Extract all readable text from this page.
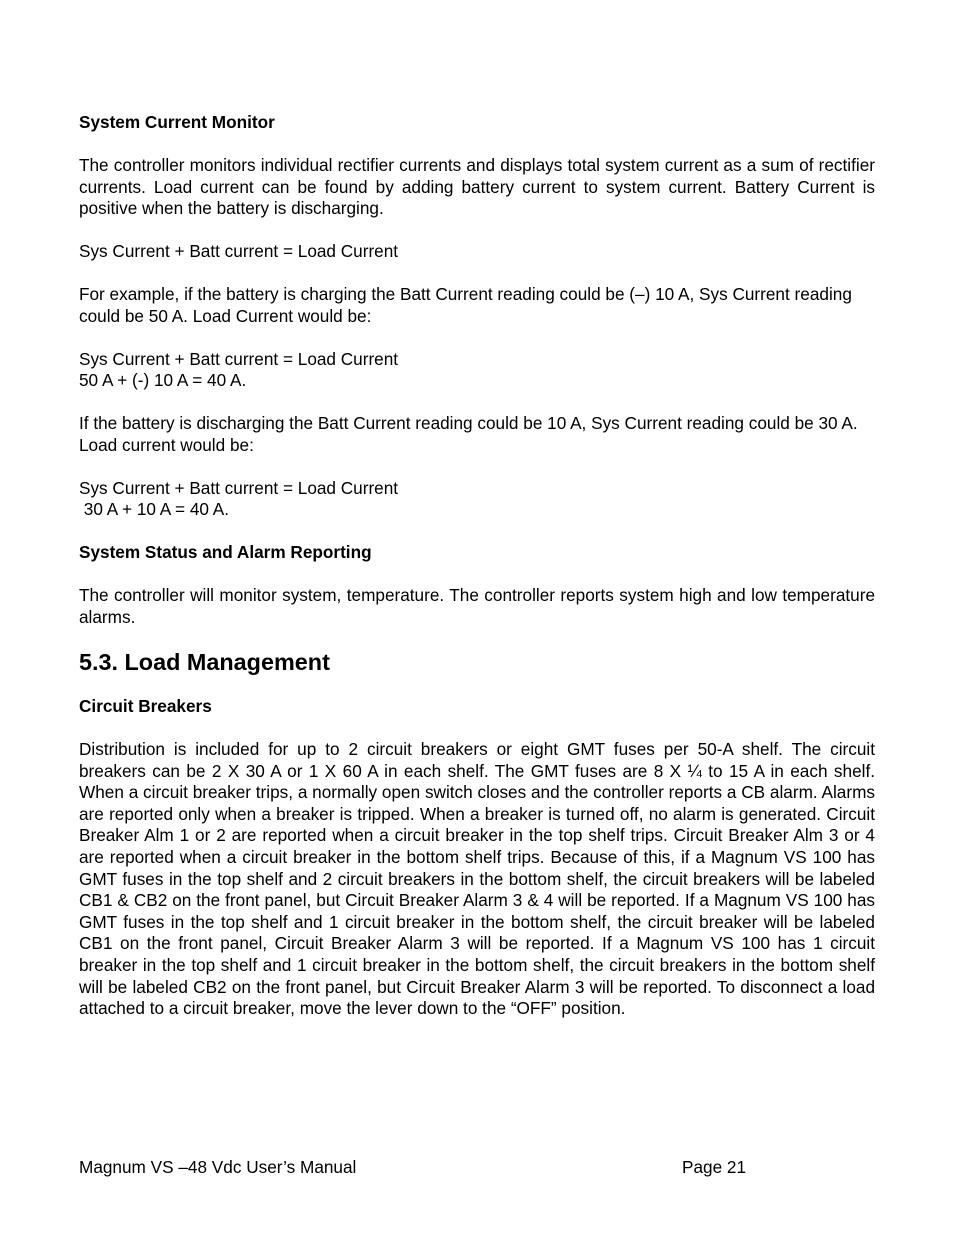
System Current Monitor

The controller monitors individual rectifier currents and displays total system current as a sum of rectifier currents. Load current can be found by adding battery current to system current. Battery Current is positive when the battery is discharging.

Sys Current + Batt current = Load Current

For example, if the battery is charging the Batt Current reading could be (–) 10 A, Sys Current reading could be 50 A. Load Current would be:

Sys Current + Batt current = Load Current
50 A + (-) 10 A = 40 A.

If the battery is discharging the Batt Current reading could be 10 A, Sys Current reading could be 30 A. Load current would be:

Sys Current + Batt current = Load Current
30 A + 10 A = 40 A.

System Status and Alarm Reporting

The controller will monitor system, temperature. The controller reports system high and low temperature alarms.

5.3. Load Management

Circuit Breakers

Distribution is included for up to 2 circuit breakers or eight GMT fuses per 50-A shelf. The circuit breakers can be 2 X 30 A or 1 X 60 A in each shelf. The GMT fuses are 8 X ¼ to 15 A in each shelf. When a circuit breaker trips, a normally open switch closes and the controller reports a CB alarm. Alarms are reported only when a breaker is tripped. When a breaker is turned off, no alarm is generated. Circuit Breaker Alm 1 or 2 are reported when a circuit breaker in the top shelf trips. Circuit Breaker Alm 3 or 4 are reported when a circuit breaker in the bottom shelf trips. Because of this, if a Magnum VS 100 has GMT fuses in the top shelf and 2 circuit breakers in the bottom shelf, the circuit breakers will be labeled CB1 & CB2 on the front panel, but Circuit Breaker Alarm 3 & 4 will be reported. If a Magnum VS 100 has GMT fuses in the top shelf and 1 circuit breaker in the bottom shelf, the circuit breaker will be labeled CB1 on the front panel, Circuit Breaker Alarm 3 will be reported. If a Magnum VS 100 has 1 circuit breaker in the top shelf and 1 circuit breaker in the bottom shelf, the circuit breakers in the bottom shelf will be labeled CB2 on the front panel, but Circuit Breaker Alarm 3 will be reported. To disconnect a load attached to a circuit breaker, move the lever down to the “OFF” position.

Magnum VS –48 Vdc User’s Manual	Page 21
